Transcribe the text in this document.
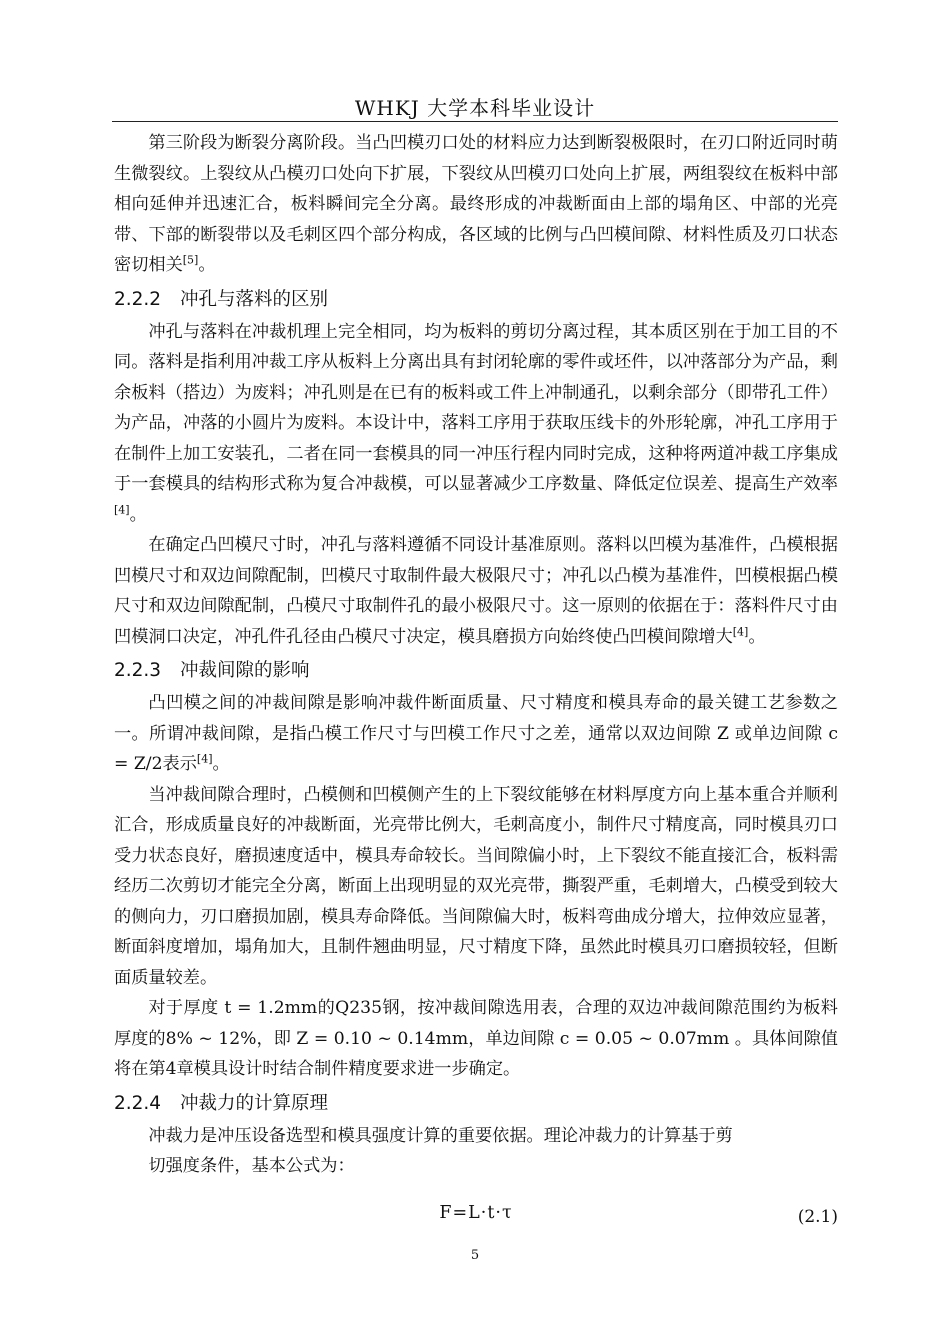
WHKJ 大学本科毕业设计

第三阶段为断裂分离阶段。当凸凹模刃口处的材料应力达到断裂极限时，在刃口附近同时萌生微裂纹。上裂纹从凸模刃口处向下扩展，下裂纹从凹模刃口处向上扩展，两组裂纹在板料中部相向延伸并迅速汇合，板料瞬间完全分离。最终形成的冲裁断面由上部的塌角区、中部的光亮带、下部的断裂带以及毛刺区四个部分构成，各区域的比例与凸凹模间隙、材料性质及刃口状态密切相关[5]。

2.2.2 冲孔与落料的区别

冲孔与落料在冲裁机理上完全相同，均为板料的剪切分离过程，其本质区别在于加工目的不同。落料是指利用冲裁工序从板料上分离出具有封闭轮廓的零件或坯件，以冲落部分为产品，剩余板料（搭边）为废料；冲孔则是在已有的板料或工件上冲制通孔，以剩余部分（即带孔工件）为产品，冲落的小圆片为废料。本设计中，落料工序用于获取压线卡的外形轮廓，冲孔工序用于在制件上加工安装孔，二者在同一套模具的同一冲压行程内同时完成，这种将两道冲裁工序集成于一套模具的结构形式称为复合冲裁模，可以显著减少工序数量、降低定位误差、提高生产效率[4]。

在确定凸凹模尺寸时，冲孔与落料遵循不同设计基准原则。落料以凹模为基准件，凸模根据凹模尺寸和双边间隙配制，凹模尺寸取制件最大极限尺寸；冲孔以凸模为基准件，凹模根据凸模尺寸和双边间隙配制，凸模尺寸取制件孔的最小极限尺寸。这一原则的依据在于：落料件尺寸由凹模洞口决定，冲孔件孔径由凸模尺寸决定，模具磨损方向始终使凸凹模间隙增大[4]。

2.2.3 冲裁间隙的影响

凸凹模之间的冲裁间隙是影响冲裁件断面质量、尺寸精度和模具寿命的最关键工艺参数之一。所谓冲裁间隙，是指凸模工作尺寸与凹模工作尺寸之差，通常以双边间隙 Z 或单边间隙 c = Z/2表示[4]。

当冲裁间隙合理时，凸模侧和凹模侧产生的上下裂纹能够在材料厚度方向上基本重合并顺利汇合，形成质量良好的冲裁断面，光亮带比例大，毛刺高度小，制件尺寸精度高，同时模具刃口受力状态良好，磨损速度适中，模具寿命较长。当间隙偏小时，上下裂纹不能直接汇合，板料需经历二次剪切才能完全分离，断面上出现明显的双光亮带，撕裂严重，毛刺增大，凸模受到较大的侧向力，刃口磨损加剧，模具寿命降低。当间隙偏大时，板料弯曲成分增大，拉伸效应显著，断面斜度增加，塌角加大，且制件翘曲明显，尺寸精度下降，虽然此时模具刃口磨损较轻，但断面质量较差。

对于厚度 t = 1.2mm的Q235钢，按冲裁间隙选用表，合理的双边冲裁间隙范围约为板料厚度的8% ~ 12%，即 Z = 0.10 ~ 0.14mm，单边间隙 c = 0.05 ~ 0.07mm 。具体间隙值将在第4章模具设计时结合制件精度要求进一步确定。

2.2.4 冲裁力的计算原理

冲裁力是冲压设备选型和模具强度计算的重要依据。理论冲裁力的计算基于剪
切强度条件，基本公式为：

F=L·t·τ	(2.1)
5
